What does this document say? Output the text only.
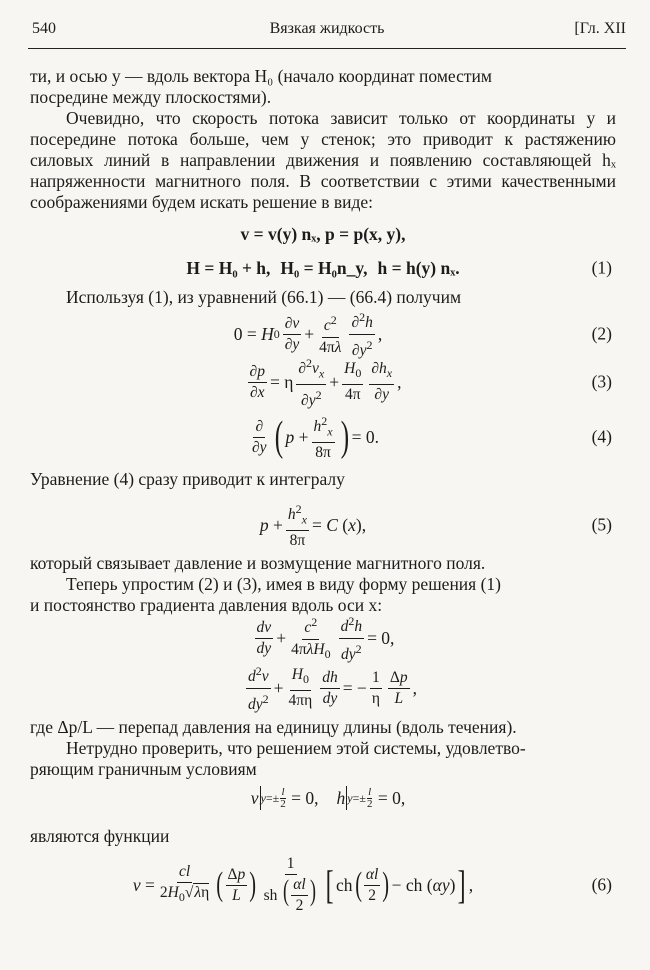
540	Вязкая жидкость	[Гл. XII
ти, и осью y — вдоль вектора H₀ (начало координат поместим
посредине между плоскостями).
Очевидно, что скорость потока зависит только от координаты y и посередине потока больше, чем у стенок; это приводит к растяжению силовых линий в направлении движения и появлению составляющей hₓ напряженности магнитного поля. В соответствии с этими качественными соображениями будем искать решение в виде:
v = v(y) nₓ, p = p(x, y),
H = H₀ + h, H₀ = H₀n_y, h = h(y) nₓ.	(1)
Используя (1), из уравнений (66.1) — (66.4) получим
0 = H $0 \frac{\partial v}{\partial y} + \frac{c^2}{4\pi\lambda} \frac{\partial^2h}{\partial y^2}$ ,	(2)
$\frac{\partial p}{\partial x} = \eta \frac{\partial^2v_x}{\partial y^2} + \frac{H_0}{4\pi} \frac{\partial h_x}{\partial y}$ ,	(3)
$\frac{\partial}{\partial y}$ ( $p + \frac{h^2_x}{8\pi}$ ) = 0.	(4)
Уравнение (4) сразу приводит к интегралу
$p + \frac{h^2_x}{8\pi} = C$ ( x ),	(5)
который связывает давление и возмущение магнитного поля.
Теперь упростим (2) и (3), имея в виду форму решения (1)
и постоянство градиента давления вдоль оси x:
$\frac{dv}{dy} + \frac{c^2}{4\pi\lambda H_0} \frac{d^2h}{dy^2} = 0$,
$\frac{d^2v}{dy^2} + \frac{H_0}{4\pi\eta} \frac{dh}{dy}$ = − $\frac{1}{\eta} \frac{\Delta p}{L}$ ,
где Δp/L — перепад давления на единицу длины (вдоль течения).
Нетрудно проверить, что решением этой системы, удовлетво-
ряющим граничным условиям
v $y =\pm \frac{l}{2} = 0$, h $y =\pm \frac{l}{2} = 0$,
являются функции
$v = \frac{cl}{2H_0√\lambda\eta}$ ( $\frac{\Delta p}{L}$ ) $\frac{1}{sh ( \frac{\alpha l}{2} )}$ [ ch ( $\frac{\alpha l}{2}$ ) − ch ( αy ) ] ,	(6)
